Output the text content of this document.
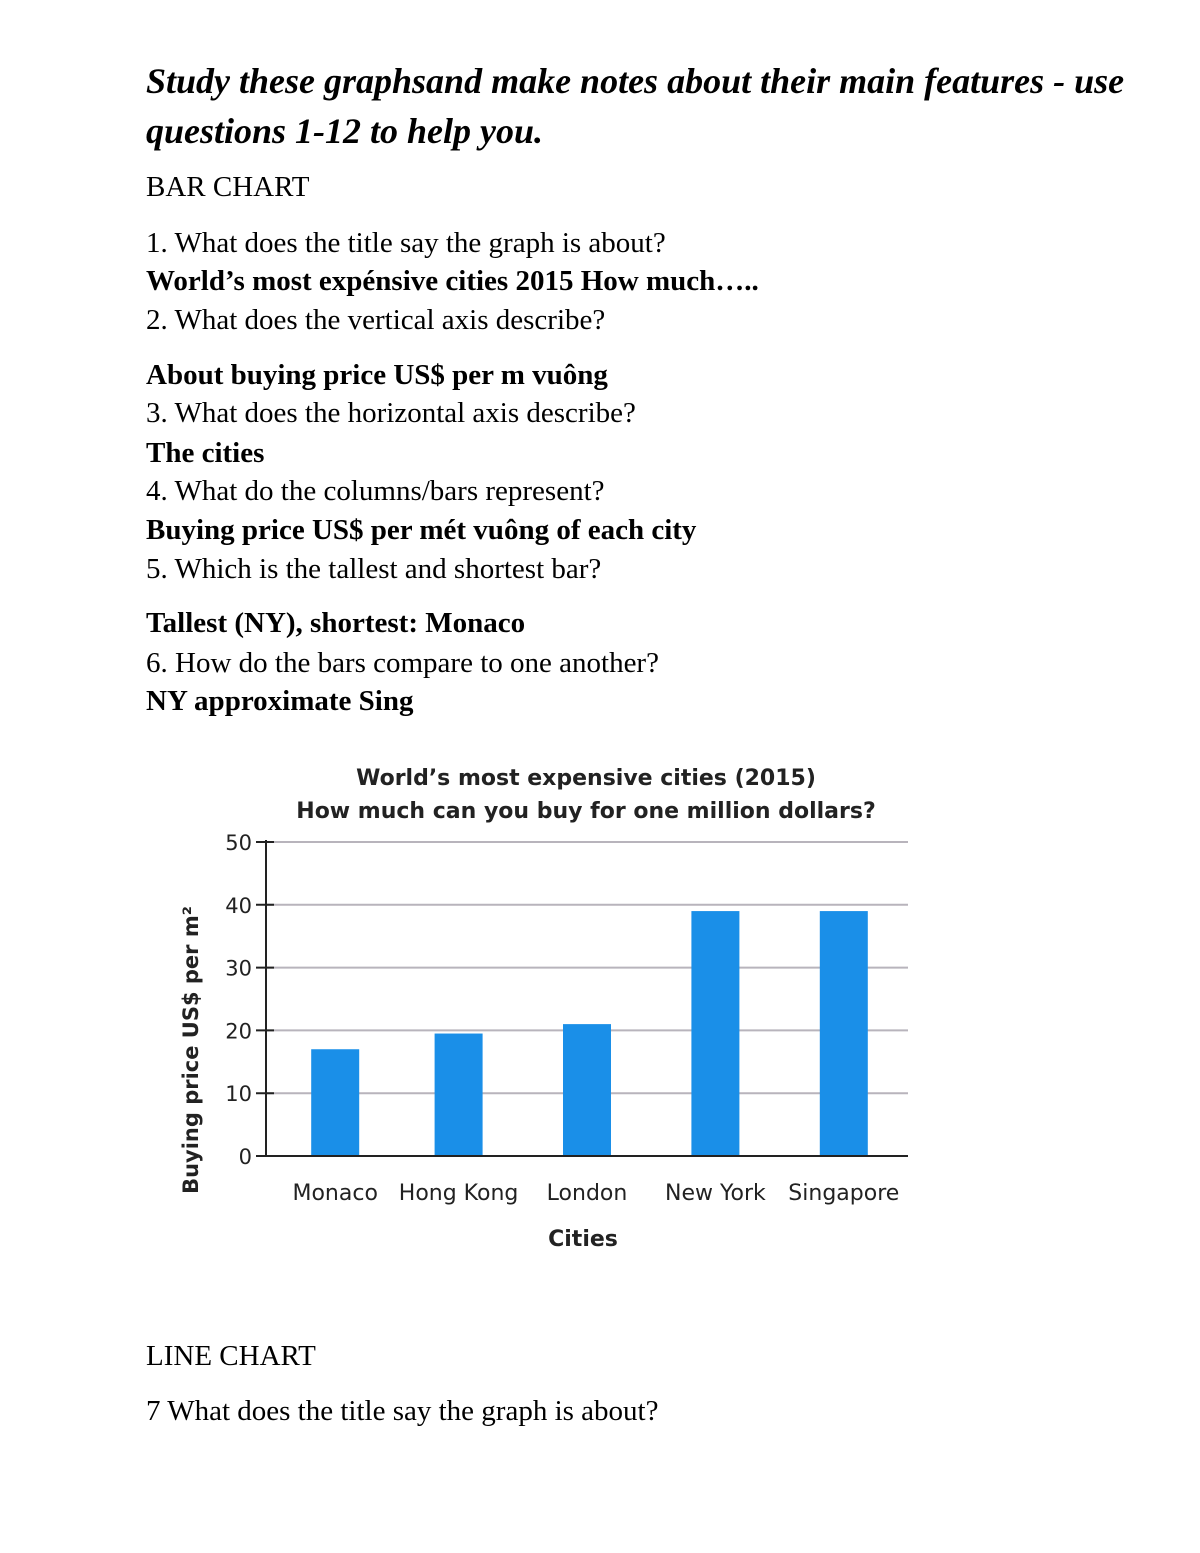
Study these graphsand make notes about their main features - use questions 1-12 to help you.
BAR CHART
1. What does the title say the graph is about?
World’s most expénsive cities 2015 How much…..
2. What does the vertical axis describe?
About buying price US$ per m vuông
3. What does the horizontal axis describe?
The cities
4. What do the columns/bars represent?
Buying price US$ per mét vuông of each city
5. Which is the tallest and shortest bar?
Tallest (NY), shortest: Monaco
6. How do the bars compare to one another?
NY approximate Sing
World’s most expensive cities (2015)
How much can you buy for one million dollars?
0
10
20
30
40
50
Monaco Hong Kong London New York Singapore
Cities
Buying price US$ per m²
LINE CHART
7 What does the title say the graph is about?
